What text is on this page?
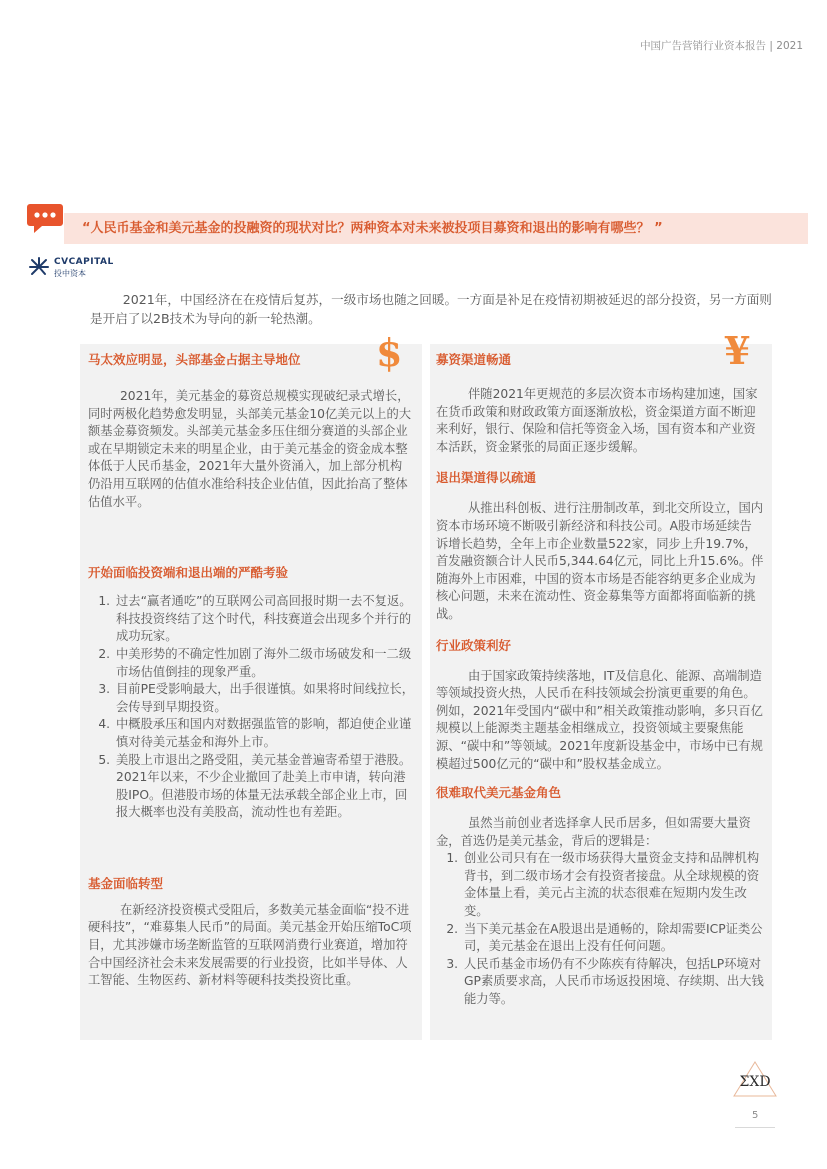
中国广告营销行业资本报告 | 2021
“人民币基金和美元基金的投融资的现状对比？两种资本对未来被投项目募资和退出的影响有哪些？ ”
CVCAPITAL
投中资本

2021年，中国经济在在疫情后复苏，一级市场也随之回暖。一方面是补足在疫情初期被延迟的部分投资，另一方面则是开启了以2B技术为导向的新一轮热潮。

马太效应明显，头部基金占据主导地位

2021年，美元基金的募资总规模实现破纪录式增长，同时两极化趋势愈发明显，头部美元基金10亿美元以上的大额基金募资频发。头部美元基金多压住细分赛道的头部企业或在早期锁定未来的明星企业，由于美元基金的资金成本整体低于人民币基金，2021年大量外资涌入，加上部分机构仍沿用互联网的估值水准给科技企业估值，因此抬高了整体估值水平。

开始面临投资端和退出端的严酷考验
1. 过去“赢者通吃”的互联网公司高回报时期一去不复返。科技投资终结了这个时代，科技赛道会出现多个并行的成功玩家。
2. 中美形势的不确定性加剧了海外二级市场破发和一二级市场估值倒挂的现象严重。
3. 目前PE受影响最大，出手很谨慎。如果将时间线拉长，会传导到早期投资。
4. 中概股承压和国内对数据强监管的影响，都迫使企业谨慎对待美元基金和海外上市。
5. 美股上市退出之路受阻，美元基金普遍寄希望于港股。2021年以来，不少企业撤回了赴美上市申请，转向港股IPO。但港股市场的体量无法承载全部企业上市，回报大概率也没有美股高，流动性也有差距。
基金面临转型

在新经济投资模式受阻后，多数美元基金面临“投不进硬科技”，“难募集人民币”的局面。美元基金开始压缩ToC项目，尤其涉嫌市场垄断监管的互联网消费行业赛道，增加符合中国经济社会未来发展需要的行业投资，比如半导体、人工智能、生物医药、新材料等硬科技类投资比重。

$	募资渠道畅通

伴随2021年更规范的多层次资本市场构建加速，国家在货币政策和财政政策方面逐渐放松，资金渠道方面不断迎来利好，银行、保险和信托等资金入场，国有资本和产业资本活跃，资金紧张的局面正逐步缓解。

退出渠道得以疏通

从推出科创板、进行注册制改革，到北交所设立，国内资本市场环境不断吸引新经济和科技公司。A股市场延续告诉增长趋势，全年上市企业数量522家，同步上升19.7%，首发融资额合计人民币5,344.64亿元，同比上升15.6%。伴随海外上市困难，中国的资本市场是否能容纳更多企业成为核心问题，未来在流动性、资金募集等方面都将面临新的挑战。

行业政策利好

由于国家政策持续落地，IT及信息化、能源、高端制造等领域投资火热，人民币在科技领域会扮演更重要的角色。例如，2021年受国内“碳中和”相关政策推动影响，多只百亿规模以上能源类主题基金相继成立，投资领域主要聚焦能源、“碳中和”等领域。2021年度新设基金中，市场中已有规模超过500亿元的“碳中和”股权基金成立。

很难取代美元基金角色

虽然当前创业者选择拿人民币居多，但如需要大量资金，首选仍是美元基金，背后的逻辑是：

1. 创业公司只有在一级市场获得大量资金支持和品牌机构背书，到二级市场才会有投资者接盘。从全球规模的资金体量上看，美元占主流的状态很难在短期内发生改变。
2. 当下美元基金在A股退出是通畅的，除却需要ICP证类公司，美元基金在退出上没有任何问题。
3. 人民币基金市场仍有不少陈疾有待解决，包括LP环境对GP素质要求高，人民币市场返投困境、存续期、出大钱能力等。
¥
ΣXD
5
